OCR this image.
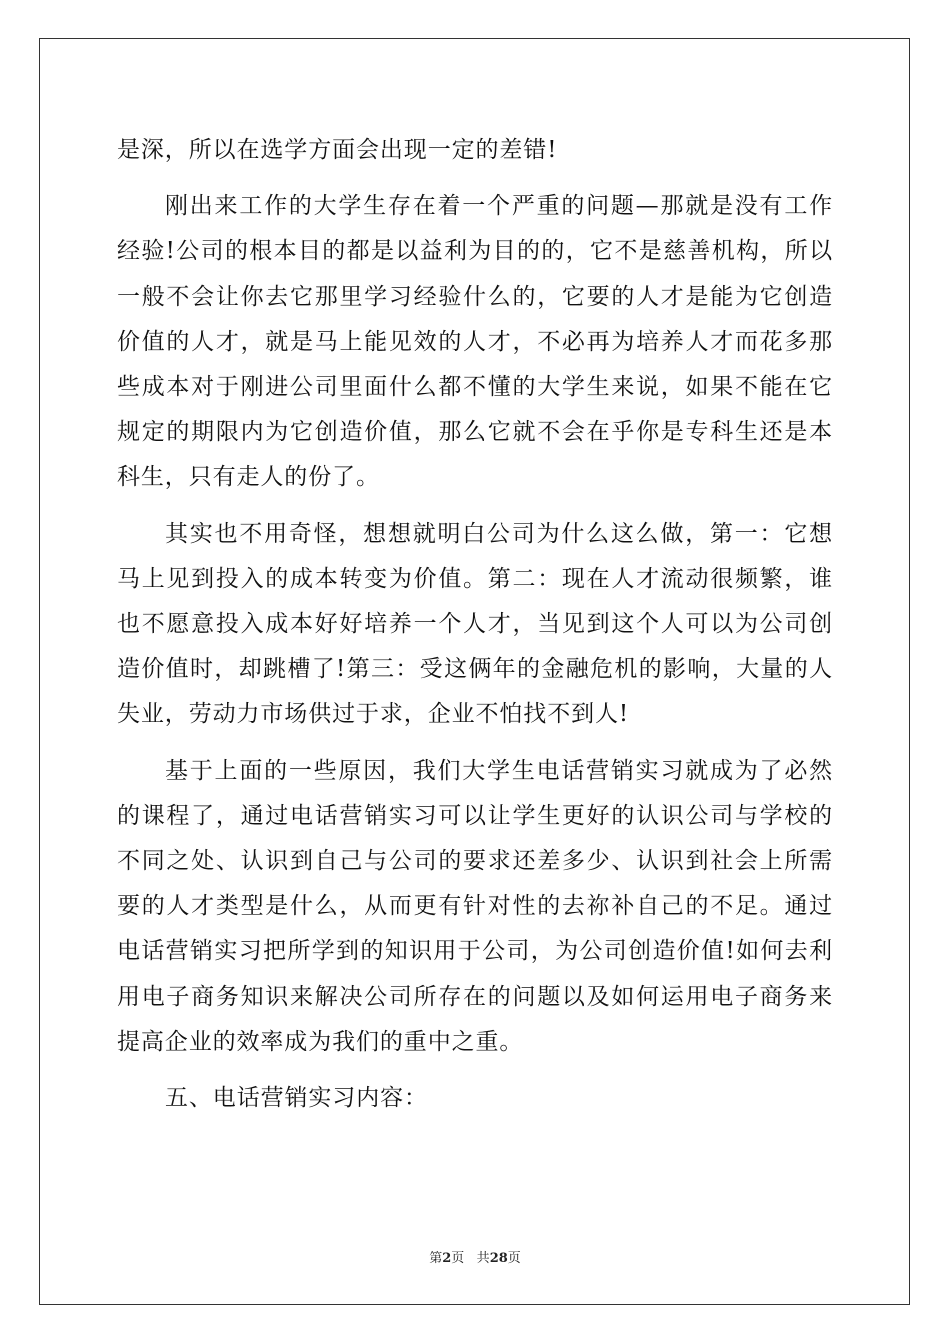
是深，所以在选学方面会出现一定的差错!

刚出来工作的大学生存在着一个严重的问题—那就是没有工作经验!公司的根本目的都是以益利为目的的，它不是慈善机构，所以一般不会让你去它那里学习经验什么的，它要的人才是能为它创造价值的人才，就是马上能见效的人才，不必再为培养人才而花多那些成本对于刚进公司里面什么都不懂的大学生来说，如果不能在它规定的期限内为它创造价值，那么它就不会在乎你是专科生还是本科生，只有走人的份了。

其实也不用奇怪，想想就明白公司为什么这么做，第一：它想马上见到投入的成本转变为价值。第二：现在人才流动很频繁，谁也不愿意投入成本好好培养一个人才，当见到这个人可以为公司创造价值时，却跳槽了!第三：受这俩年的金融危机的影响，大量的人失业，劳动力市场供过于求，企业不怕找不到人!

基于上面的一些原因，我们大学生电话营销实习就成为了必然的课程了，通过电话营销实习可以让学生更好的认识公司与学校的不同之处、认识到自己与公司的要求还差多少、认识到社会上所需要的人才类型是什么，从而更有针对性的去祢补自己的不足。通过电话营销实习把所学到的知识用于公司，为公司创造价值!如何去利用电子商务知识来解决公司所存在的问题以及如何运用电子商务来提高企业的效率成为我们的重中之重。

五、电话营销实习内容：

第2页 共28页
